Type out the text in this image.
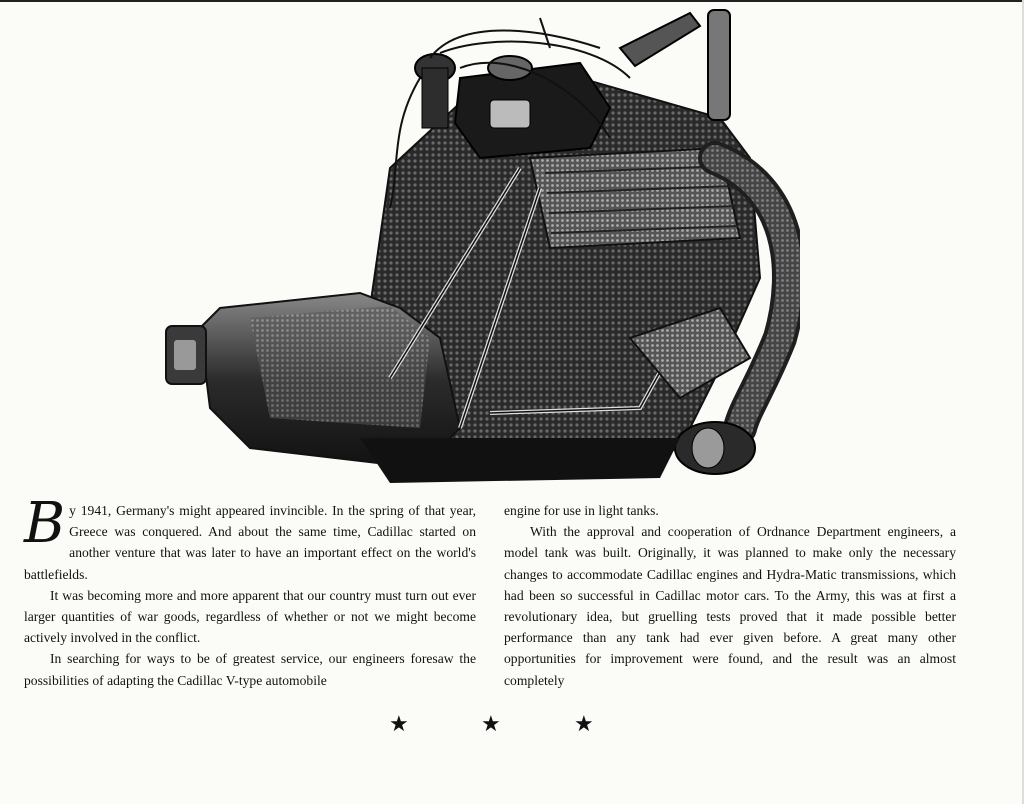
By 1941, Germany's might appeared invincible. In the spring of that year, Greece was conquered. And about the same time, Cadillac started on another venture that was later to have an important effect on the world's battlefields.

It was becoming more and more apparent that our country must turn out ever larger quantities of war goods, regardless of whether or not we might become actively involved in the conflict.

In searching for ways to be of greatest service, our engineers foresaw the possibilities of adapting the Cadillac V-type automobile

engine for use in light tanks.

With the approval and cooperation of Ordnance Department engineers, a model tank was built. Originally, it was planned to make only the necessary changes to accommodate Cadillac engines and Hydra-Matic transmissions, which had been so successful in Cadillac motor cars. To the Army, this was at first a revolutionary idea, but gruelling tests proved that it made possible better performance than any tank had ever given before. A great many other opportunities for improvement were found, and the result was an almost completely

★	★	★
